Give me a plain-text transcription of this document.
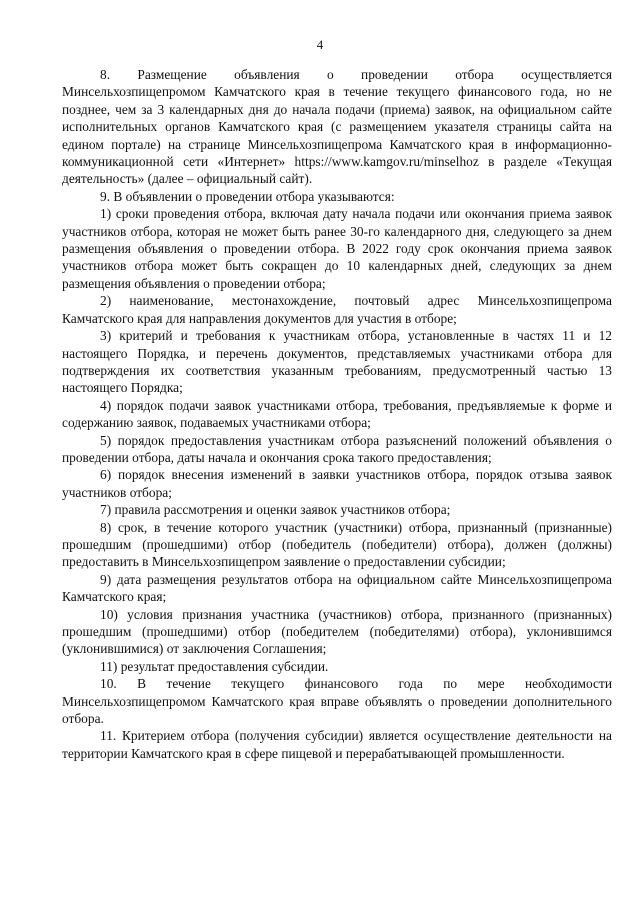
4

8. Размещение объявления о проведении отбора осуществляется Минсельхозпищепромом Камчатского края в течение текущего финансового года, но не позднее, чем за 3 календарных дня до начала подачи (приема) заявок, на официальном сайте исполнительных органов Камчатского края (с размещением указателя страницы сайта на едином портале) на странице Минсельхозпищепрома Камчатского края в информационно-коммуникационной сети «Интернет» https://www.kamgov.ru/minselhoz в разделе «Текущая деятельность» (далее – официальный сайт).

9. В объявлении о проведении отбора указываются:

1) сроки проведения отбора, включая дату начала подачи или окончания приема заявок участников отбора, которая не может быть ранее 30-го календарного дня, следующего за днем размещения объявления о проведении отбора. В 2022 году срок окончания приема заявок участников отбора может быть сокращен до 10 календарных дней, следующих за днем размещения объявления о проведении отбора;

2) наименование, местонахождение, почтовый адрес Минсельхозпищепрома Камчатского края для направления документов для участия в отборе;

3) критерий и требования к участникам отбора, установленные в частях 11 и 12 настоящего Порядка, и перечень документов, представляемых участниками отбора для подтверждения их соответствия указанным требованиям, предусмотренный частью 13 настоящего Порядка;

4) порядок подачи заявок участниками отбора, требования, предъявляемые к форме и содержанию заявок, подаваемых участниками отбора;

5) порядок предоставления участникам отбора разъяснений положений объявления о проведении отбора, даты начала и окончания срока такого предоставления;

6) порядок внесения изменений в заявки участников отбора, порядок отзыва заявок участников отбора;

7) правила рассмотрения и оценки заявок участников отбора;

8) срок, в течение которого участник (участники) отбора, признанный (признанные) прошедшим (прошедшими) отбор (победитель (победители) отбора), должен (должны) предоставить в Минсельхозпищепром заявление о предоставлении субсидии;

9) дата размещения результатов отбора на официальном сайте Минсельхозпищепрома Камчатского края;

10) условия признания участника (участников) отбора, признанного (признанных) прошедшим (прошедшими) отбор (победителем (победителями) отбора), уклонившимся (уклонившимися) от заключения Соглашения;

11) результат предоставления субсидии.

10. В течение текущего финансового года по мере необходимости Минсельхозпищепромом Камчатского края вправе объявлять о проведении дополнительного отбора.

11. Критерием отбора (получения субсидии) является осуществление деятельности на территории Камчатского края в сфере пищевой и перерабатывающей промышленности.
